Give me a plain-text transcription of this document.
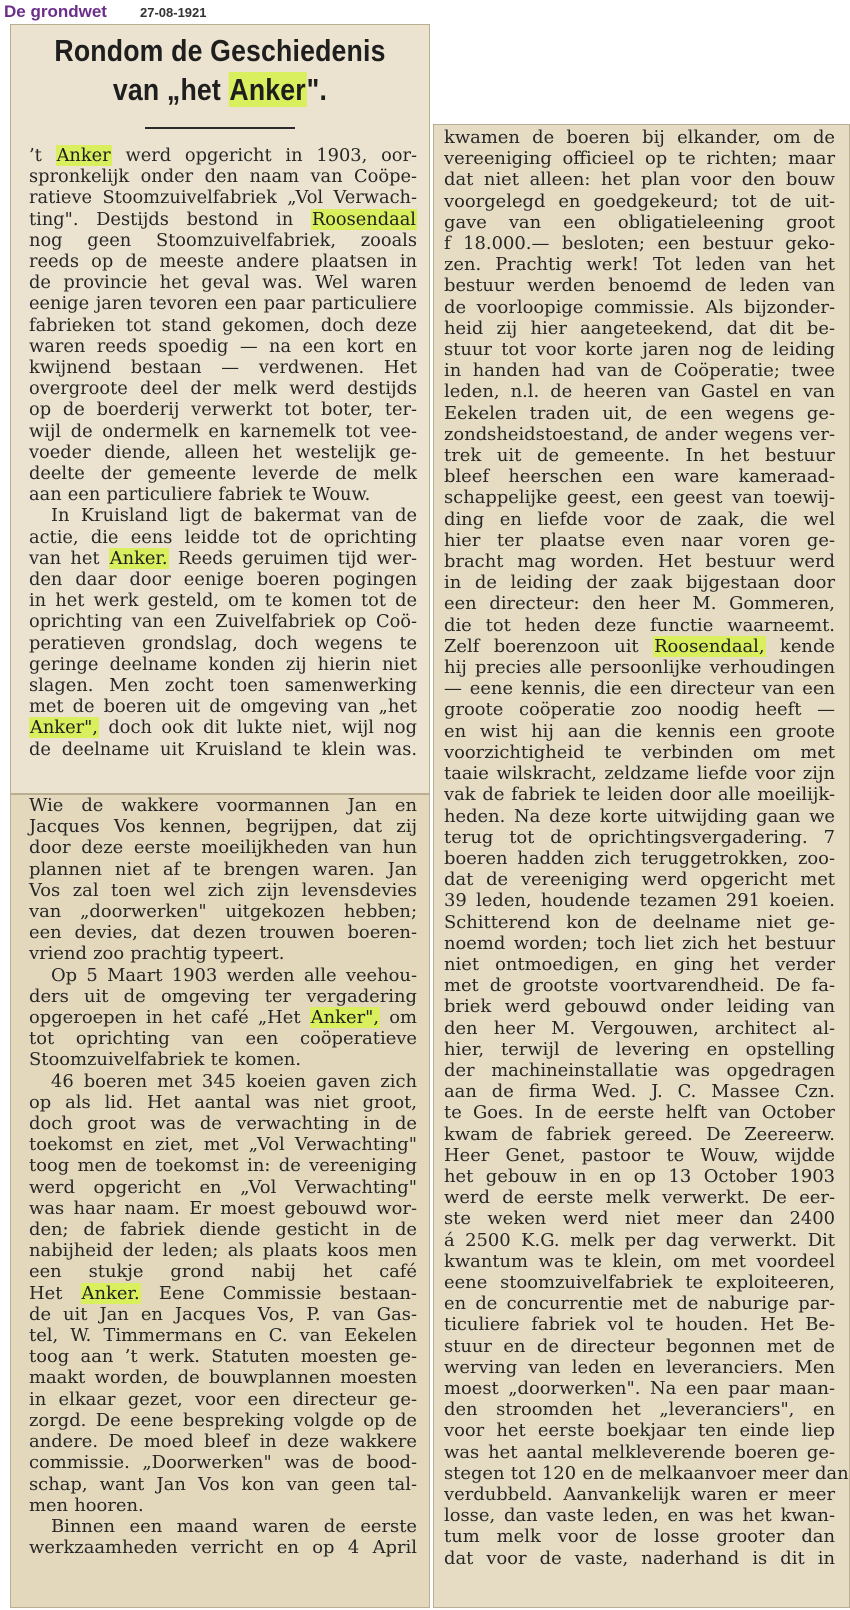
De grondwet	27-08-1921
Rondom de Geschiedenis
van „het Anker".
’t Anker werd opgericht in 1903, oor-
spronkelijk onder den naam van Coöpe-
ratieve Stoomzuivelfabriek „Vol Verwach-
ting". Destijds bestond in Roosendaal
nog geen Stoomzuivelfabriek, zooals
reeds op de meeste andere plaatsen in
de provincie het geval was. Wel waren
eenige jaren tevoren een paar particuliere
fabrieken tot stand gekomen, doch deze
waren reeds spoedig — na een kort en
kwijnend bestaan — verdwenen. Het
overgroote deel der melk werd destijds
op de boerderij verwerkt tot boter, ter-
wijl de ondermelk en karnemelk tot vee-
voeder diende, alleen het westelijk ge-
deelte der gemeente leverde de melk
aan een particuliere fabriek te Wouw.
In Kruisland ligt de bakermat van de
actie, die eens leidde tot de oprichting
van het Anker. Reeds geruimen tijd wer-
den daar door eenige boeren pogingen
in het werk gesteld, om te komen tot de
oprichting van een Zuivelfabriek op Coö-
peratieven grondslag, doch wegens te
geringe deelname konden zij hierin niet
slagen. Men zocht toen samenwerking
met de boeren uit de omgeving van „het
Anker", doch ook dit lukte niet, wijl nog
de deelname uit Kruisland te klein was.
Wie de wakkere voormannen Jan en
Jacques Vos kennen, begrijpen, dat zij
door deze eerste moeilijkheden van hun
plannen niet af te brengen waren. Jan
Vos zal toen wel zich zijn levensdevies
van „doorwerken" uitgekozen hebben;
een devies, dat dezen trouwen boeren-
vriend zoo prachtig typeert.
Op 5 Maart 1903 werden alle veehou-
ders uit de omgeving ter vergadering
opgeroepen in het café „Het Anker", om
tot oprichting van een coöperatieve
Stoomzuivelfabriek te komen.
46 boeren met 345 koeien gaven zich
op als lid. Het aantal was niet groot,
doch groot was de verwachting in de
toekomst en ziet, met „Vol Verwachting"
toog men de toekomst in: de vereeniging
werd opgericht en „Vol Verwachting"
was haar naam. Er moest gebouwd wor-
den; de fabriek diende gesticht in de
nabijheid der leden; als plaats koos men
een stukje grond nabij het café
Het Anker. Eene Commissie bestaan-
de uit Jan en Jacques Vos, P. van Gas-
tel, W. Timmermans en C. van Eekelen
toog aan ’t werk. Statuten moesten ge-
maakt worden, de bouwplannen moesten
in elkaar gezet, voor een directeur ge-
zorgd. De eene bespreking volgde op de
andere. De moed bleef in deze wakkere
commissie. „Doorwerken" was de bood-
schap, want Jan Vos kon van geen tal-
men hooren.
Binnen een maand waren de eerste
werkzaamheden verricht en op 4 April
kwamen de boeren bij elkander, om de
vereeniging officieel op te richten; maar
dat niet alleen: het plan voor den bouw
voorgelegd en goedgekeurd; tot de uit-
gave van een obligatieleening groot
f 18.000.— besloten; een bestuur geko-
zen. Prachtig werk! Tot leden van het
bestuur werden benoemd de leden van
de voorloopige commissie. Als bijzonder-
heid zij hier aangeteekend, dat dit be-
stuur tot voor korte jaren nog de leiding
in handen had van de Coöperatie; twee
leden, n.l. de heeren van Gastel en van
Eekelen traden uit, de een wegens ge-
zondsheidstoestand, de ander wegens ver-
trek uit de gemeente. In het bestuur
bleef heerschen een ware kameraad-
schappelijke geest, een geest van toewij-
ding en liefde voor de zaak, die wel
hier ter plaatse even naar voren ge-
bracht mag worden. Het bestuur werd
in de leiding der zaak bijgestaan door
een directeur: den heer M. Gommeren,
die tot heden deze functie waarneemt.
Zelf boerenzoon uit Roosendaal, kende
hij precies alle persoonlijke verhoudingen
— eene kennis, die een directeur van een
groote coöperatie zoo noodig heeft —
en wist hij aan die kennis een groote
voorzichtigheid te verbinden om met
taaie wilskracht, zeldzame liefde voor zijn
vak de fabriek te leiden door alle moeilijk-
heden. Na deze korte uitwijding gaan we
terug tot de oprichtingsvergadering. 7
boeren hadden zich teruggetrokken, zoo-
dat de vereeniging werd opgericht met
39 leden, houdende tezamen 291 koeien.
Schitterend kon de deelname niet ge-
noemd worden; toch liet zich het bestuur
niet ontmoedigen, en ging het verder
met de grootste voortvarendheid. De fa-
briek werd gebouwd onder leiding van
den heer M. Vergouwen, architect al-
hier, terwijl de levering en opstelling
der machineinstallatie was opgedragen
aan de firma Wed. J. C. Massee Czn.
te Goes. In de eerste helft van October
kwam de fabriek gereed. De Zeereerw.
Heer Genet, pastoor te Wouw, wijdde
het gebouw in en op 13 October 1903
werd de eerste melk verwerkt. De eer-
ste weken werd niet meer dan 2400
á 2500 K.G. melk per dag verwerkt. Dit
kwantum was te klein, om met voordeel
eene stoomzuivelfabriek te exploiteeren,
en de concurrentie met de naburige par-
ticuliere fabriek vol te houden. Het Be-
stuur en de directeur begonnen met de
werving van leden en leveranciers. Men
moest „doorwerken". Na een paar maan-
den stroomden het „leveranciers", en
voor het eerste boekjaar ten einde liep
was het aantal melkleverende boeren ge-
stegen tot 120 en de melkaanvoer meer dan
verdubbeld. Aanvankelijk waren er meer
losse, dan vaste leden, en was het kwan-
tum melk voor de losse grooter dan
dat voor de vaste, naderhand is dit in
